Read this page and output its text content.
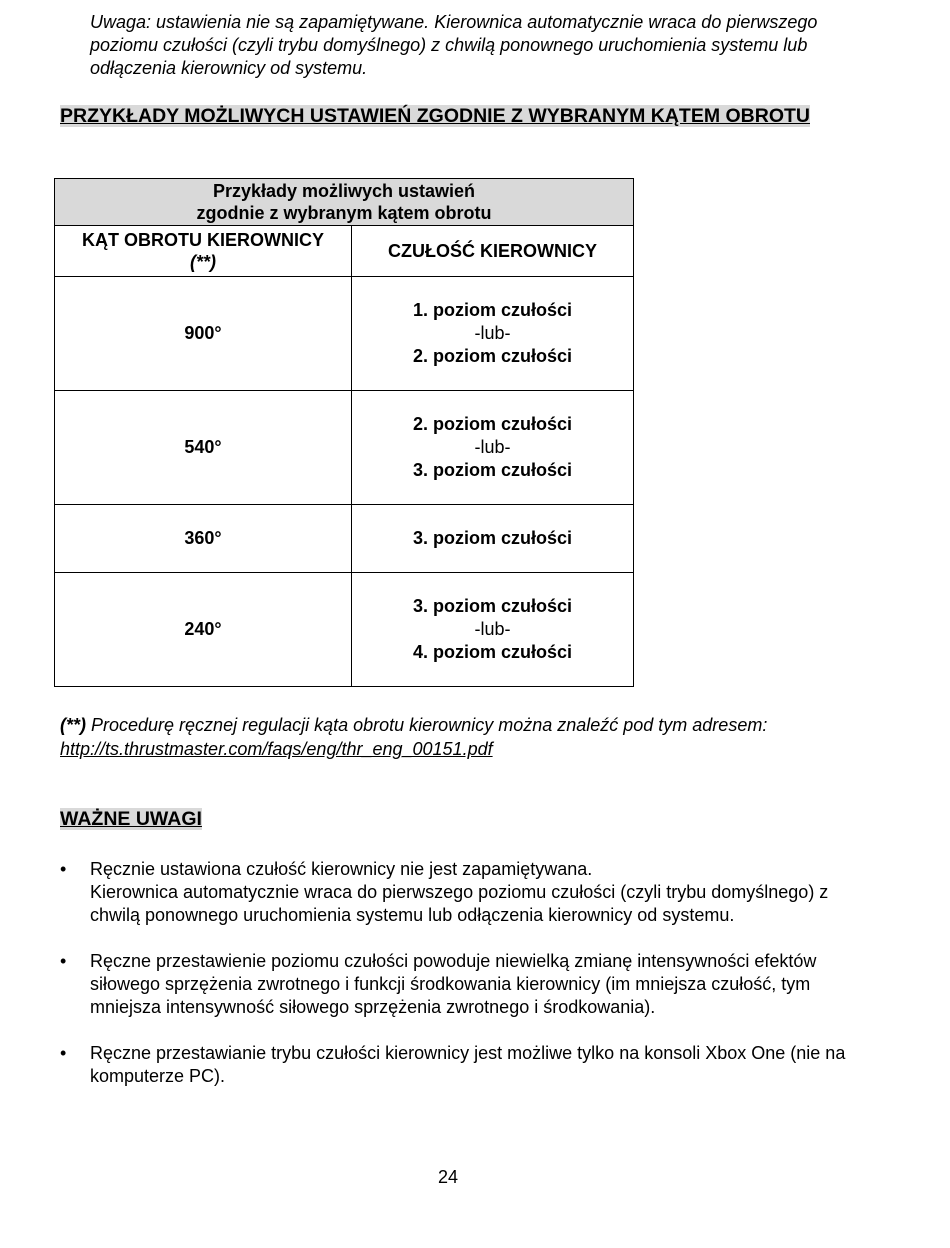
Uwaga: ustawienia nie są zapamiętywane. Kierownica automatycznie wraca do pierwszego poziomu czułości (czyli trybu domyślnego) z chwilą ponownego uruchomienia systemu lub odłączenia kierownicy od systemu.
PRZYKŁADY MOŻLIWYCH USTAWIEŃ ZGODNIE Z WYBRANYM KĄTEM OBROTU
Przykłady możliwych ustawień
zgodnie z wybranym kątem obrotu	
KĄT OBROTU KIEROWNICY
(**)	CZUŁOŚĆ KIEROWNICY
900°	1. poziom czułości
-lub-
2. poziom czułości
540°	2. poziom czułości
-lub-
3. poziom czułości
360°	3. poziom czułości
240°	3. poziom czułości
-lub-
4. poziom czułości
(**) Procedurę ręcznej regulacji kąta obrotu kierownicy można znaleźć pod tym adresem:
http://ts.thrustmaster.com/faqs/eng/thr_eng_00151.pdf
WAŻNE UWAGI
• Ręcznie ustawiona czułość kierownicy nie jest zapamiętywana.
Kierownica automatycznie wraca do pierwszego poziomu czułości (czyli trybu domyślnego) z chwilą ponownego uruchomienia systemu lub odłączenia kierownicy od systemu.
• Ręczne przestawienie poziomu czułości powoduje niewielką zmianę intensywności efektów siłowego sprzężenia zwrotnego i funkcji środkowania kierownicy (im mniejsza czułość, tym mniejsza intensywność siłowego sprzężenia zwrotnego i środkowania).
• Ręczne przestawianie trybu czułości kierownicy jest możliwe tylko na konsoli Xbox One (nie na komputerze PC).
24
